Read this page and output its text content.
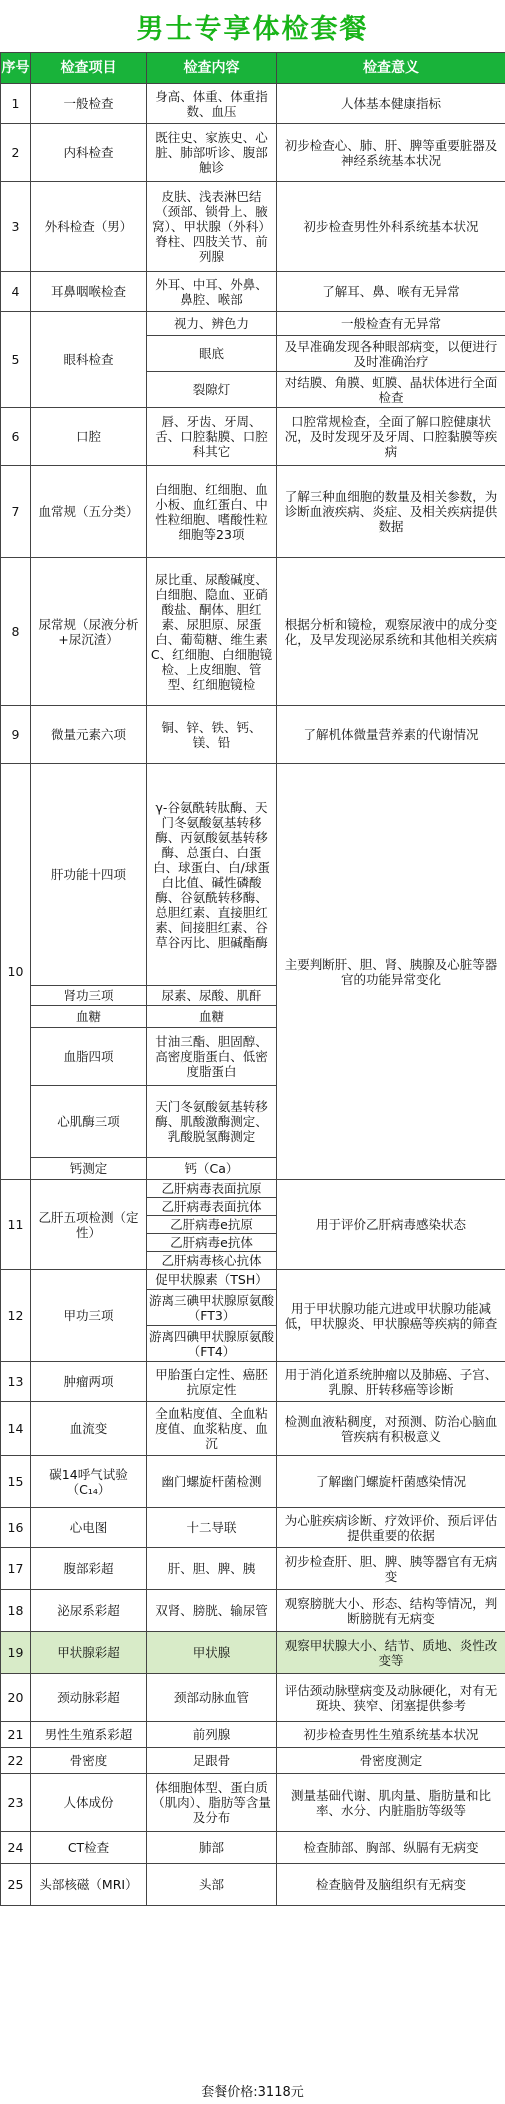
男士专享体检套餐
序号	检查项目	检查内容	检查意义
1	一般检查	身高、体重、体重指数、血压	人体基本健康指标
2	内科检查	既往史、家族史、心脏、肺部听诊、腹部触诊	初步检查心、肺、肝、脾等重要脏器及神经系统基本状况
3	外科检查（男）	皮肤、浅表淋巴结（颈部、锁骨上、腋窝）、甲状腺（外科）脊柱、四肢关节、前列腺	初步检查男性外科系统基本状况
4	耳鼻咽喉检查	外耳、中耳、外鼻、鼻腔、喉部	了解耳、鼻、喉有无异常
5	眼科检查	视力、辨色力	一般检查有无异常
		眼底	及早准确发现各种眼部病变，以便进行及时准确治疗
		裂隙灯	对结膜、角膜、虹膜、晶状体进行全面检查
6	口腔	唇、牙齿、牙周、舌、口腔黏膜、口腔科其它	口腔常规检查，全面了解口腔健康状况，及时发现牙及牙周、口腔黏膜等疾病
7	血常规（五分类）	白细胞、红细胞、血小板、血红蛋白、中性粒细胞、嗜酸性粒细胞等23项	了解三种血细胞的数量及相关参数，为诊断血液疾病、炎症、及相关疾病提供数据
8	尿常规（尿液分析+尿沉渣）	尿比重、尿酸碱度、白细胞、隐血、亚硝酸盐、酮体、胆红素、尿胆原、尿蛋白、葡萄糖、维生素C、红细胞、白细胞镜检、上皮细胞、管型、红细胞镜检	根据分析和镜检，观察尿液中的成分变化，及早发现泌尿系统和其他相关疾病
9	微量元素六项	铜、锌、铁、钙、镁、铅	了解机体微量营养素的代谢情况
10	肝功能十四项	γ-谷氨酰转肽酶、天门冬氨酸氨基转移酶、丙氨酸氨基转移酶、总蛋白、白蛋白、球蛋白、白/球蛋白比值、碱性磷酸酶、谷氨酰转移酶、总胆红素、直接胆红素、间接胆红素、谷草谷丙比、胆碱酯酶	主要判断肝、胆、肾、胰腺及心脏等器官的功能异常变化
	肾功三项	尿素、尿酸、肌酐	
	血糖	血糖	
	血脂四项	甘油三酯、胆固醇、高密度脂蛋白、低密度脂蛋白	
	心肌酶三项	天门冬氨酸氨基转移酶、肌酸激酶测定、乳酸脱氢酶测定	
	钙测定	钙（Ca）	
11	乙肝五项检测（定性）	乙肝病毒表面抗原	用于评价乙肝病毒感染状态
		乙肝病毒表面抗体	
		乙肝病毒e抗原	
		乙肝病毒e抗体	
		乙肝病毒核心抗体	
12	甲功三项	促甲状腺素（TSH）	用于甲状腺功能亢进或甲状腺功能减低，甲状腺炎、甲状腺癌等疾病的筛查
		游离三碘甲状腺原氨酸（FT3）	
		游离四碘甲状腺原氨酸（FT4）	
13	肿瘤两项	甲胎蛋白定性、癌胚抗原定性	用于消化道系统肿瘤以及肺癌、子宫、乳腺、肝转移癌等诊断
14	血流变	全血粘度值、全血粘度值、血浆粘度、血沉	检测血液粘稠度，对预测、防治心脑血管疾病有积极意义
15	碳14呼气试验（C₁₄）	幽门螺旋杆菌检测	了解幽门螺旋杆菌感染情况
16	心电图	十二导联	为心脏疾病诊断、疗效评价、预后评估提供重要的依据
17	腹部彩超	肝、胆、脾、胰	初步检查肝、胆、脾、胰等器官有无病变
18	泌尿系彩超	双肾、膀胱、输尿管	观察膀胱大小、形态、结构等情况，判断膀胱有无病变
19	甲状腺彩超	甲状腺	观察甲状腺大小、结节、质地、炎性改变等
20	颈动脉彩超	颈部动脉血管	评估颈动脉壁病变及动脉硬化，对有无斑块、狭窄、闭塞提供参考
21	男性生殖系彩超	前列腺	初步检查男性生殖系统基本状况
22	骨密度	足跟骨	骨密度测定
23	人体成份	体细胞体型、蛋白质（肌肉）、脂肪等含量及分布	测量基础代谢、肌肉量、脂肪量和比率、水分、内脏脂肪等级等
24	CT检查	肺部	检查肺部、胸部、纵膈有无病变
25	头部核磁（MRI）	头部	检查脑骨及脑组织有无病变
套餐价格:3118元
